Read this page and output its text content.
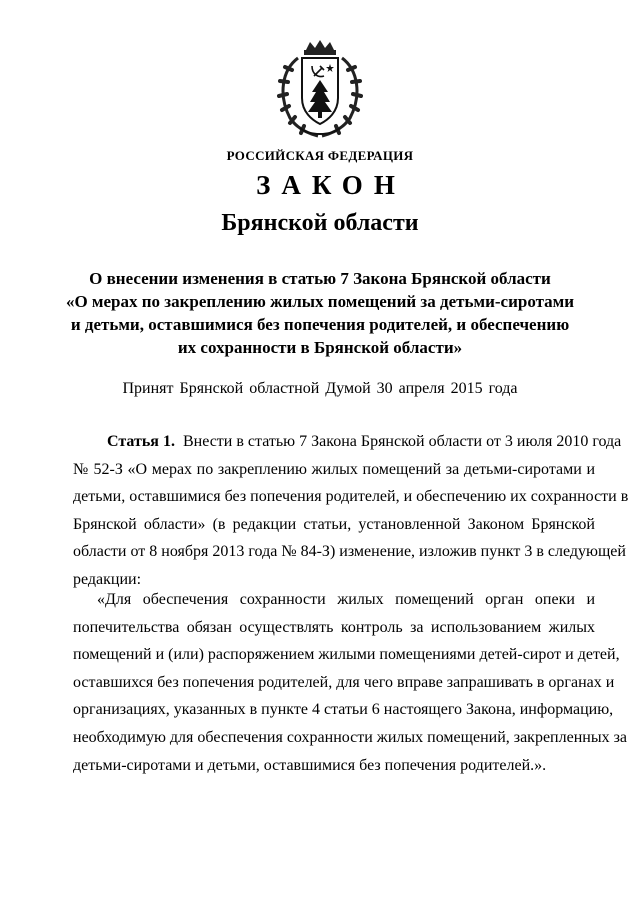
РОССИЙСКАЯ ФЕДЕРАЦИЯ
ЗАКОН
Брянской области
О внесении изменения в статью 7 Закона Брянской области
«О мерах по закреплению жилых помещений за детьми-сиротами
и детьми, оставшимися без попечения родителей, и обеспечению
их сохранности в Брянской области»
Принят Брянской областной Думой 30 апреля 2015 года
Статья 1. Внести в статью 7 Закона Брянской области от 3 июля 2010 года
№ 52-З «О мерах по закреплению жилых помещений за детьми-сиротами и
детьми, оставшимися без попечения родителей, и обеспечению их сохранности в
Брянской области» (в редакции статьи, установленной Законом Брянской
области от 8 ноября 2013 года № 84-З) изменение, изложив пункт 3 в следующей
редакции:
«Для обеспечения сохранности жилых помещений орган опеки и
попечительства обязан осуществлять контроль за использованием жилых
помещений и (или) распоряжением жилыми помещениями детей-сирот и детей,
оставшихся без попечения родителей, для чего вправе запрашивать в органах и
организациях, указанных в пункте 4 статьи 6 настоящего Закона, информацию,
необходимую для обеспечения сохранности жилых помещений, закрепленных за
детьми-сиротами и детьми, оставшимися без попечения родителей.».
